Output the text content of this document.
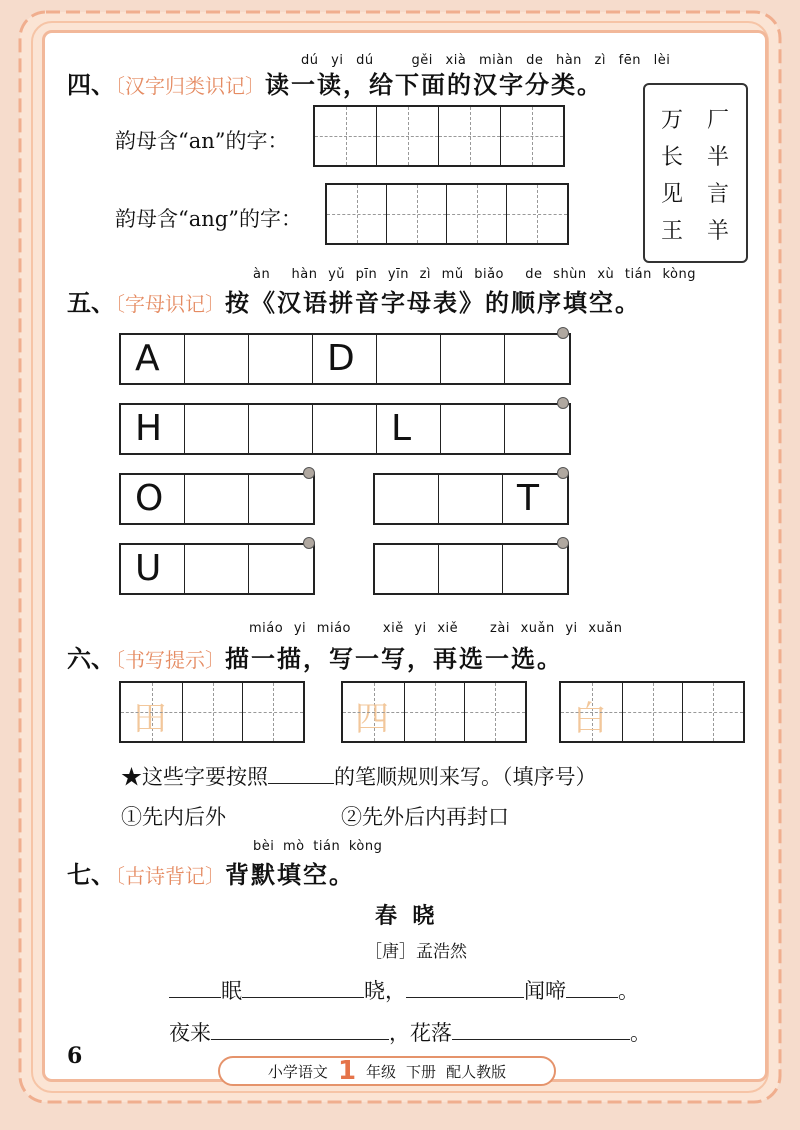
dú yi dú	gěi xià miàn de hàn zì fēn lèi
四、〔汉字归类识记〕读一读，给下面的汉字分类。
韵母含“an”的字：
韵母含“ang”的字：
万 厂
长 半
见 言
王 羊
àn hàn yǔ pīn yīn zì mǔ biǎo de shùn xù tián kòng
五、〔字母识记〕按《汉语拼音字母表》的顺序填空。
A	D
H	L
O	T
U
miáo yi miáo xiě yi xiě zài xuǎn yi xuǎn
六、〔书写提示〕描一描，写一写，再选一选。
田	四	白
★这些字要按照	的笔顺规则来写。（填序号）
①先内后外	②先外后内再封口
bèi mò tián kòng
七、〔古诗背记〕背默填空。
春  晓
［唐］孟浩然
眠	晓，	闻啼 。
夜来	，花落	。
6
小学语文 1 年级 下册 配人教版
